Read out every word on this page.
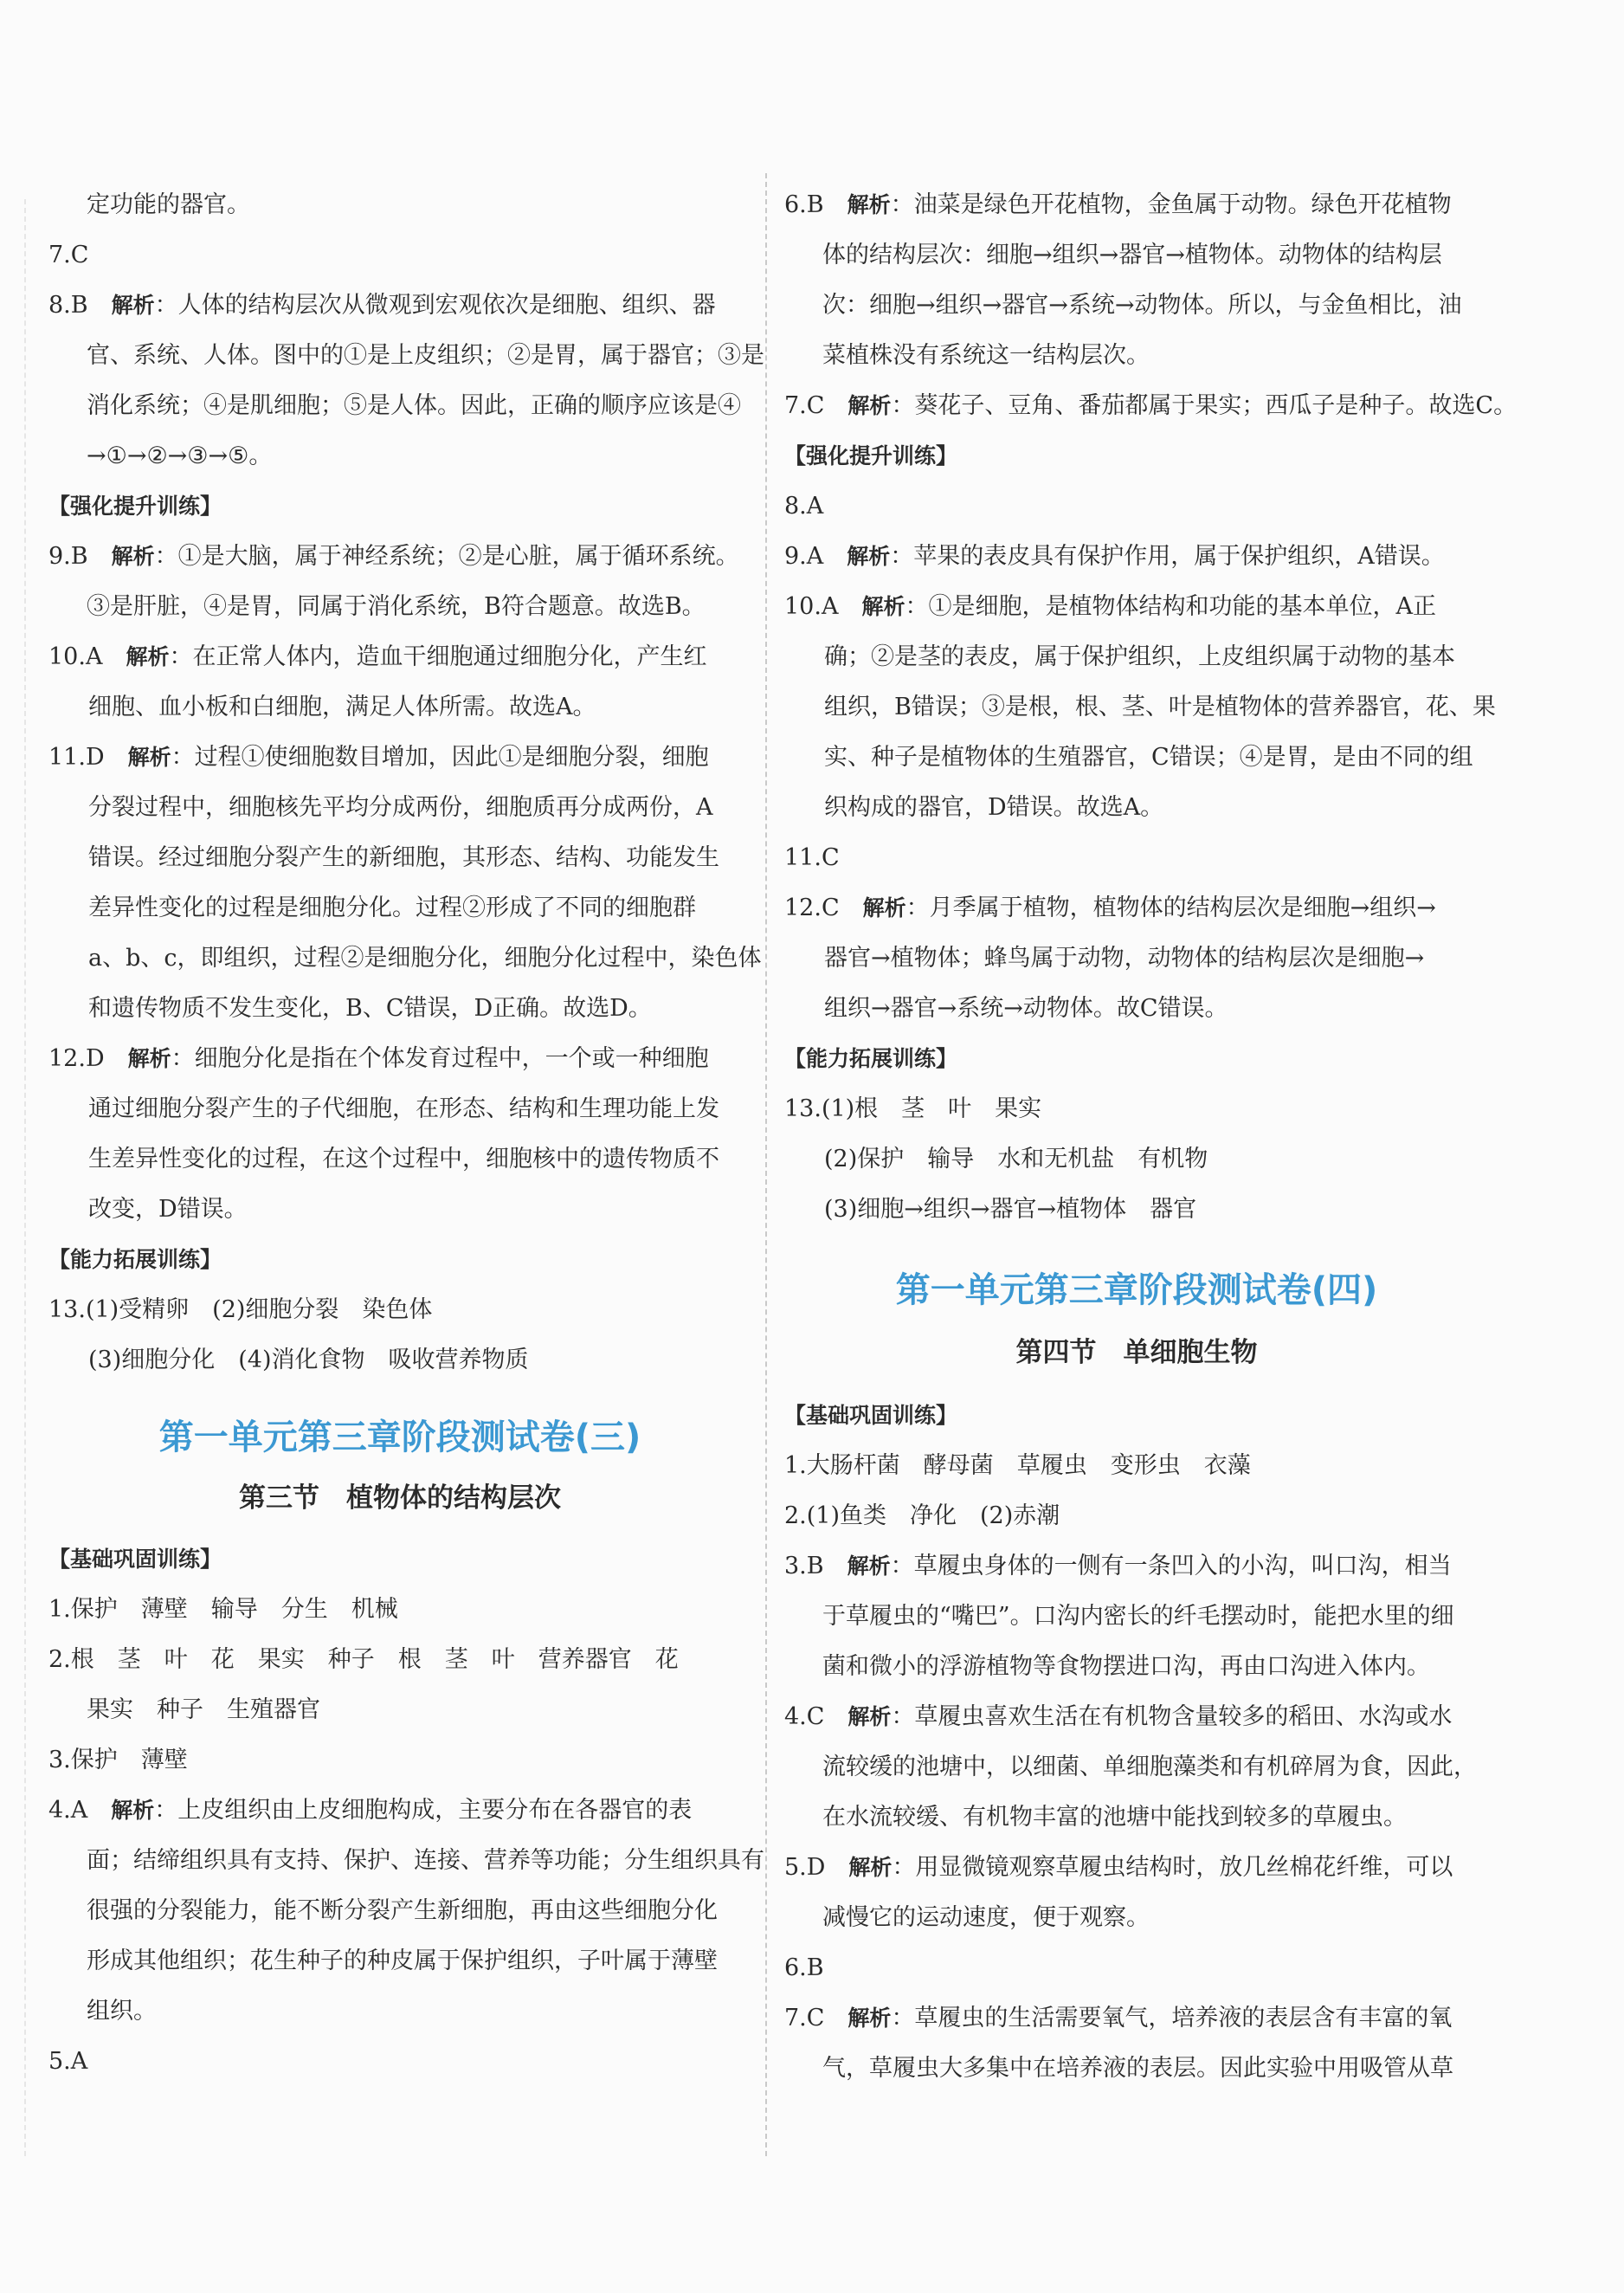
定功能的器官。
7.C
8.B　 解析：人体的结构层次从微观到宏观依次是细胞、组织、器
官、系统、人体。图中的①是上皮组织；②是胃，属于器官；③是
消化系统；④是肌细胞；⑤是人体。因此，正确的顺序应该是④
→①→②→③→⑤。
【强化提升训练】
9.B　 解析：①是大脑，属于神经系统；②是心脏，属于循环系统。
③是肝脏，④是胃，同属于消化系统，B符合题意。故选B。
10.A　 解析：在正常人体内，造血干细胞通过细胞分化，产生红
细胞、血小板和白细胞，满足人体所需。故选A。
11.D　 解析：过程①使细胞数目增加，因此①是细胞分裂，细胞
分裂过程中，细胞核先平均分成两份，细胞质再分成两份，A
错误。经过细胞分裂产生的新细胞，其形态、结构、功能发生
差异性变化的过程是细胞分化。过程②形成了不同的细胞群
a、b、c，即组织，过程②是细胞分化，细胞分化过程中，染色体
和遗传物质不发生变化，B、C错误，D正确。故选D。
12.D　 解析：细胞分化是指在个体发育过程中，一个或一种细胞
通过细胞分裂产生的子代细胞，在形态、结构和生理功能上发
生差异性变化的过程，在这个过程中，细胞核中的遗传物质不
改变，D错误。
【能力拓展训练】
13.(1)受精卵　(2)细胞分裂　染色体
(3)细胞分化　(4)消化食物　吸收营养物质
第一单元第三章阶段测试卷(三)
第三节　植物体的结构层次
【基础巩固训练】
1.保护　薄壁　输导　分生　机械
2.根　茎　叶　花　果实　种子　根　茎　叶　营养器官　花
果实　种子　生殖器官
3.保护　薄壁
4.A　 解析：上皮组织由上皮细胞构成，主要分布在各器官的表
面；结缔组织具有支持、保护、连接、营养等功能；分生组织具有
很强的分裂能力，能不断分裂产生新细胞，再由这些细胞分化
形成其他组织；花生种子的种皮属于保护组织，子叶属于薄壁
组织。
5.A
6.B　 解析：油菜是绿色开花植物，金鱼属于动物。绿色开花植物
体的结构层次：细胞→组织→器官→植物体。动物体的结构层
次：细胞→组织→器官→系统→动物体。所以，与金鱼相比，油
菜植株没有系统这一结构层次。
7.C　 解析：葵花子、豆角、番茄都属于果实；西瓜子是种子。故选C。
【强化提升训练】
8.A
9.A　 解析：苹果的表皮具有保护作用，属于保护组织，A错误。
10.A　 解析：①是细胞，是植物体结构和功能的基本单位，A正
确；②是茎的表皮，属于保护组织，上皮组织属于动物的基本
组织，B错误；③是根，根、茎、叶是植物体的营养器官，花、果
实、种子是植物体的生殖器官，C错误；④是胃，是由不同的组
织构成的器官，D错误。故选A。
11.C
12.C　 解析：月季属于植物，植物体的结构层次是细胞→组织→
器官→植物体；蜂鸟属于动物，动物体的结构层次是细胞→
组织→器官→系统→动物体。故C错误。
【能力拓展训练】
13.(1)根　茎　叶　果实
(2)保护　输导　水和无机盐　有机物
(3)细胞→组织→器官→植物体　器官
第一单元第三章阶段测试卷(四)
第四节　单细胞生物
【基础巩固训练】
1.大肠杆菌　酵母菌　草履虫　变形虫　衣藻
2.(1)鱼类　净化　(2)赤潮
3.B　 解析：草履虫身体的一侧有一条凹入的小沟，叫口沟，相当
于草履虫的“嘴巴”。口沟内密长的纤毛摆动时，能把水里的细
菌和微小的浮游植物等食物摆进口沟，再由口沟进入体内。
4.C　 解析：草履虫喜欢生活在有机物含量较多的稻田、水沟或水
流较缓的池塘中，以细菌、单细胞藻类和有机碎屑为食，因此，
在水流较缓、有机物丰富的池塘中能找到较多的草履虫。
5.D　 解析：用显微镜观察草履虫结构时，放几丝棉花纤维，可以
减慢它的运动速度，便于观察。
6.B
7.C　 解析：草履虫的生活需要氧气，培养液的表层含有丰富的氧
气，草履虫大多集中在培养液的表层。因此实验中用吸管从草
